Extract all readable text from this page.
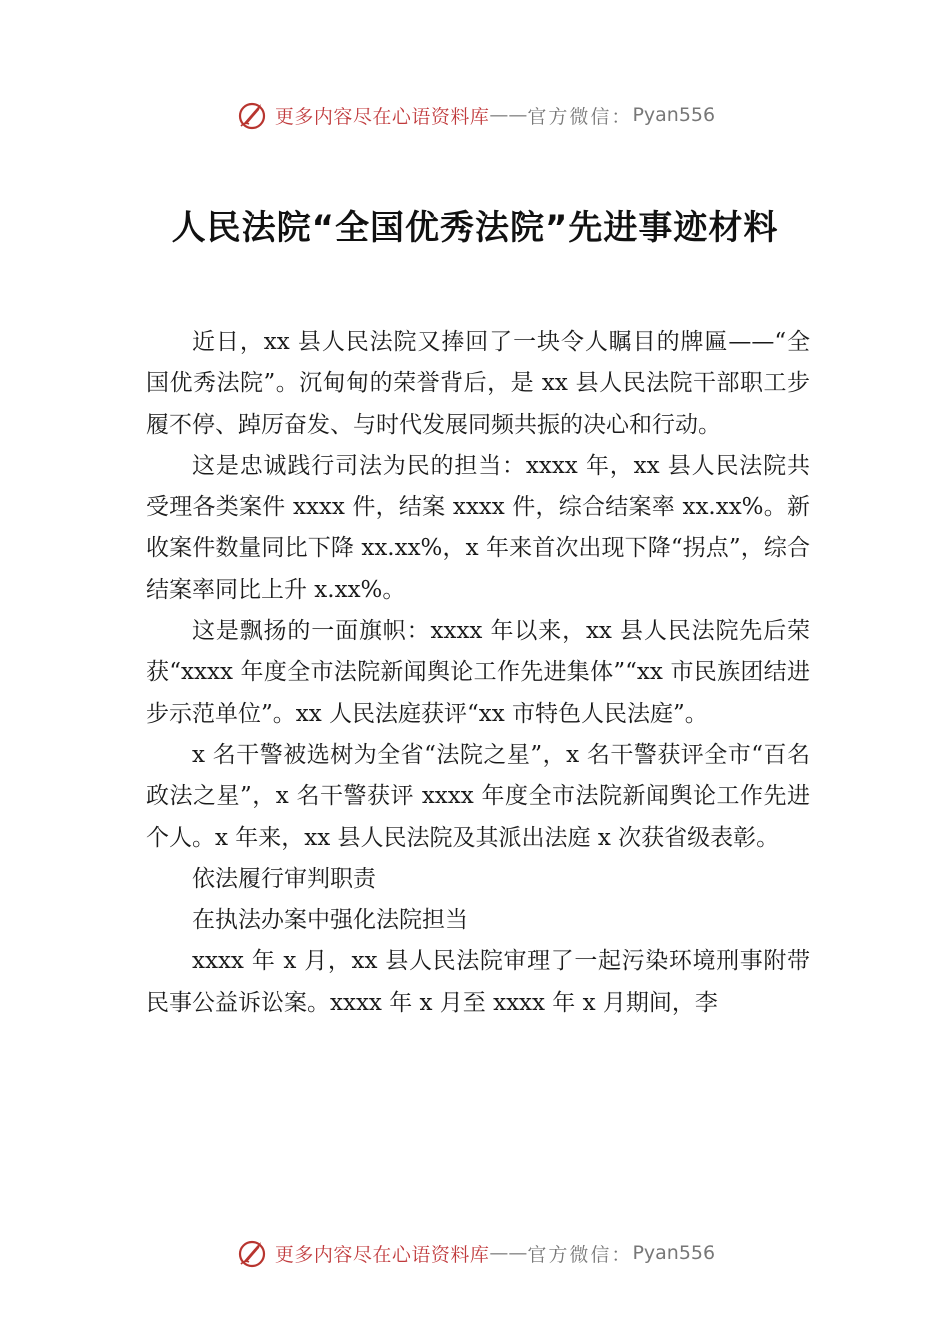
更多内容尽在心语资料库 —— 官方微信： Pyan556
人民法院“全国优秀法院”先进事迹材料

近日，xx 县人民法院又捧回了一块令人瞩目的牌匾——“全国优秀法院”。沉甸甸的荣誉背后，是 xx 县人民法院干部职工步履不停、踔厉奋发、与时代发展同频共振的决心和行动。

这是忠诚践行司法为民的担当：xxxx 年，xx 县人民法院共受理各类案件 xxxx 件，结案 xxxx 件，综合结案率 xx.xx%。新收案件数量同比下降 xx.xx%，x 年来首次出现下降“拐点”，综合结案率同比上升 x.xx%。

这是飘扬的一面旗帜：xxxx 年以来，xx 县人民法院先后荣获“xxxx 年度全市法院新闻舆论工作先进集体”“xx 市民族团结进步示范单位”。xx 人民法庭获评“xx 市特色人民法庭”。

x 名干警被选树为全省“法院之星”，x 名干警获评全市“百名政法之星”，x 名干警获评 xxxx 年度全市法院新闻舆论工作先进个人。x 年来，xx 县人民法院及其派出法庭 x 次获省级表彰。

依法履行审判职责

在执法办案中强化法院担当

xxxx 年 x 月，xx 县人民法院审理了一起污染环境刑事附带民事公益诉讼案。xxxx 年 x 月至 xxxx 年 x 月期间，李

更多内容尽在心语资料库 —— 官方微信： Pyan556
